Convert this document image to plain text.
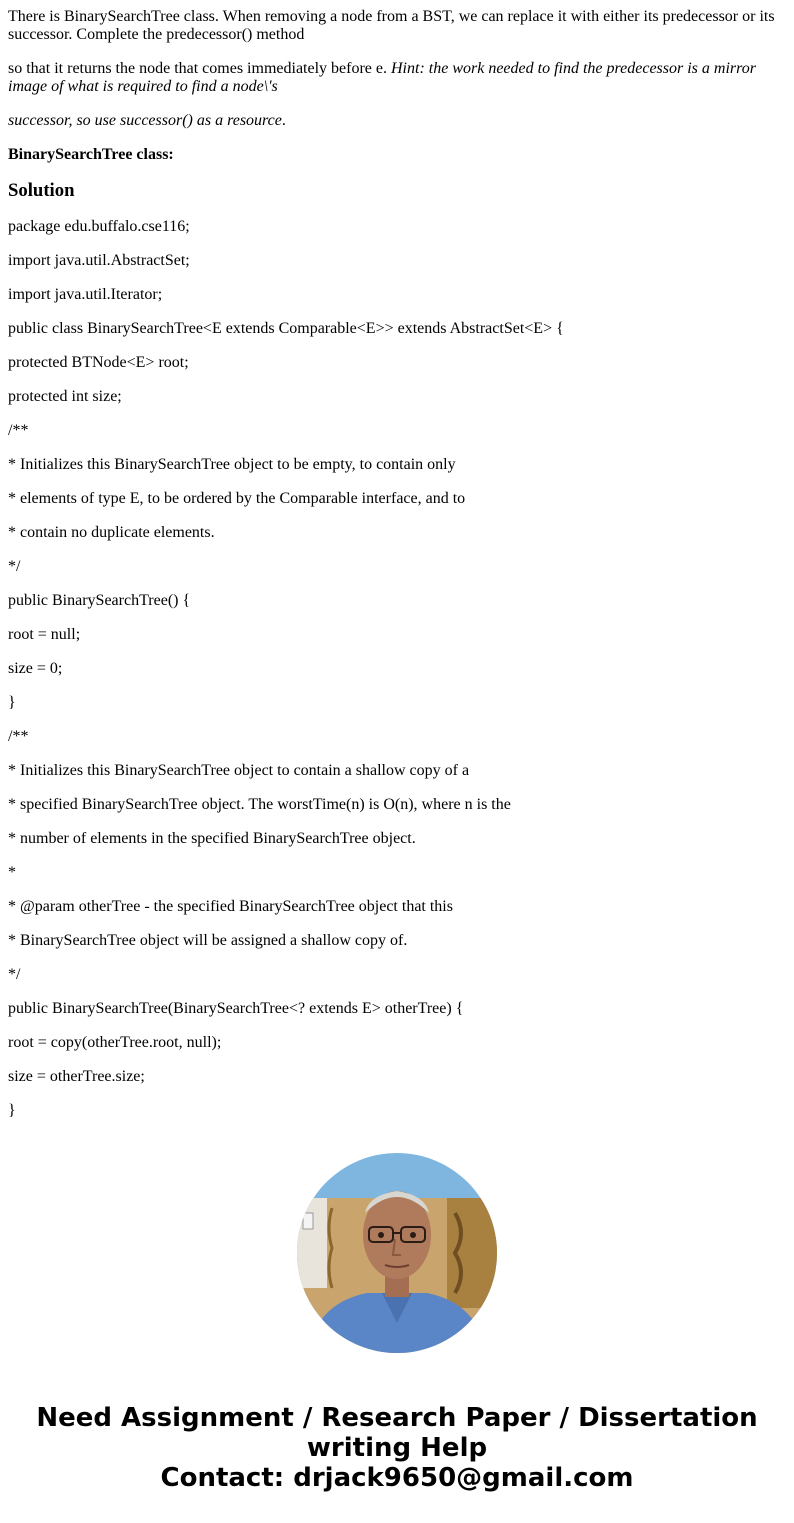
There is BinarySearchTree class. When removing a node from a BST, we can replace it with either its predecessor or its successor. Complete the predecessor() method

so that it returns the node that comes immediately before e. Hint: the work needed to find the predecessor is a mirror image of what is required to find a node\'s

successor, so use successor() as a resource.

BinarySearchTree class:

Solution

package edu.buffalo.cse116;

import java.util.AbstractSet;

import java.util.Iterator;

public class BinarySearchTree<E extends Comparable<E>> extends AbstractSet<E> {

protected BTNode<E> root;

protected int size;

/**

* Initializes this BinarySearchTree object to be empty, to contain only

* elements of type E, to be ordered by the Comparable interface, and to

* contain no duplicate elements.

*/

public BinarySearchTree() {

root = null;

size = 0;

}

/**

* Initializes this BinarySearchTree object to contain a shallow copy of a

* specified BinarySearchTree object. The worstTime(n) is O(n), where n is the

* number of elements in the specified BinarySearchTree object.

*

* @param otherTree - the specified BinarySearchTree object that this

* BinarySearchTree object will be assigned a shallow copy of.

*/

public BinarySearchTree(BinarySearchTree<? extends E> otherTree) {

root = copy(otherTree.root, null);

size = otherTree.size;

}

Need Assignment / Research Paper / Dissertation
writing Help
Contact: drjack9650@gmail.com
